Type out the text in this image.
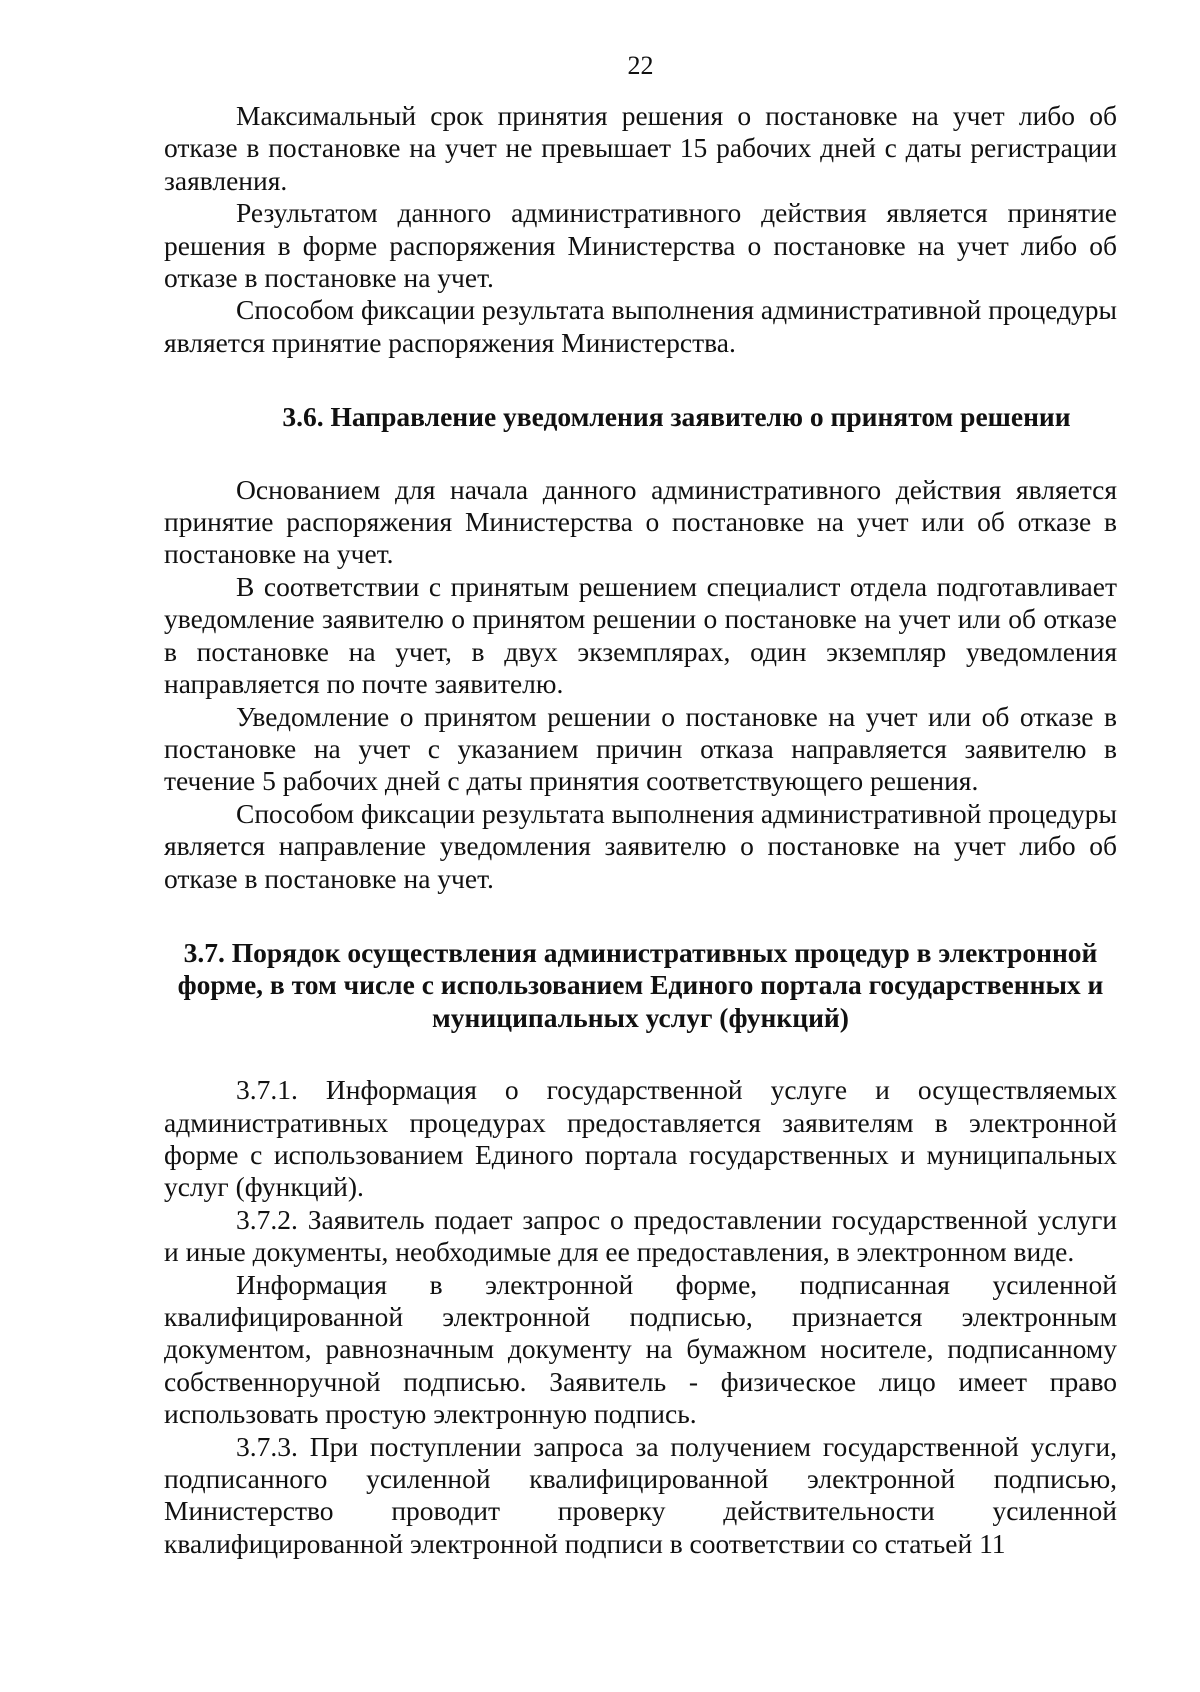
22

Максимальный срок принятия решения о постановке на учет либо об отказе в постановке на учет не превышает 15 рабочих дней с даты регистрации заявления.

Результатом данного административного действия является принятие решения в форме распоряжения Министерства о постановке на учет либо об отказе в постановке на учет.

Способом фиксации результата выполнения административной процедуры является принятие распоряжения Министерства.

3.6. Направление уведомления заявителю о принятом решении

Основанием для начала данного административного действия является принятие распоряжения Министерства о постановке на учет или об отказе в постановке на учет.

В соответствии с принятым решением специалист отдела подготавливает уведомление заявителю о принятом решении о постановке на учет или об отказе в постановке на учет, в двух экземплярах, один экземпляр уведомления направляется по почте заявителю.

Уведомление о принятом решении о постановке на учет или об отказе в постановке на учет с указанием причин отказа направляется заявителю в течение 5 рабочих дней с даты принятия соответствующего решения.

Способом фиксации результата выполнения административной процедуры является направление уведомления заявителю о постановке на учет либо об отказе в постановке на учет.

3.7. Порядок осуществления административных процедур в электронной форме, в том числе с использованием Единого портала государственных и муниципальных услуг (функций)

3.7.1. Информация о государственной услуге и осуществляемых административных процедурах предоставляется заявителям в электронной форме с использованием Единого портала государственных и муниципальных услуг (функций).

3.7.2. Заявитель подает запрос о предоставлении государственной услуги и иные документы, необходимые для ее предоставления, в электронном виде.

Информация в электронной форме, подписанная усиленной квалифицированной электронной подписью, признается электронным документом, равнозначным документу на бумажном носителе, подписанному собственноручной подписью. Заявитель - физическое лицо имеет право использовать простую электронную подпись.

3.7.3. При поступлении запроса за получением государственной услуги, подписанного усиленной квалифицированной электронной подписью, Министерство проводит проверку действительности усиленной квалифицированной электронной подписи в соответствии со статьей 11
